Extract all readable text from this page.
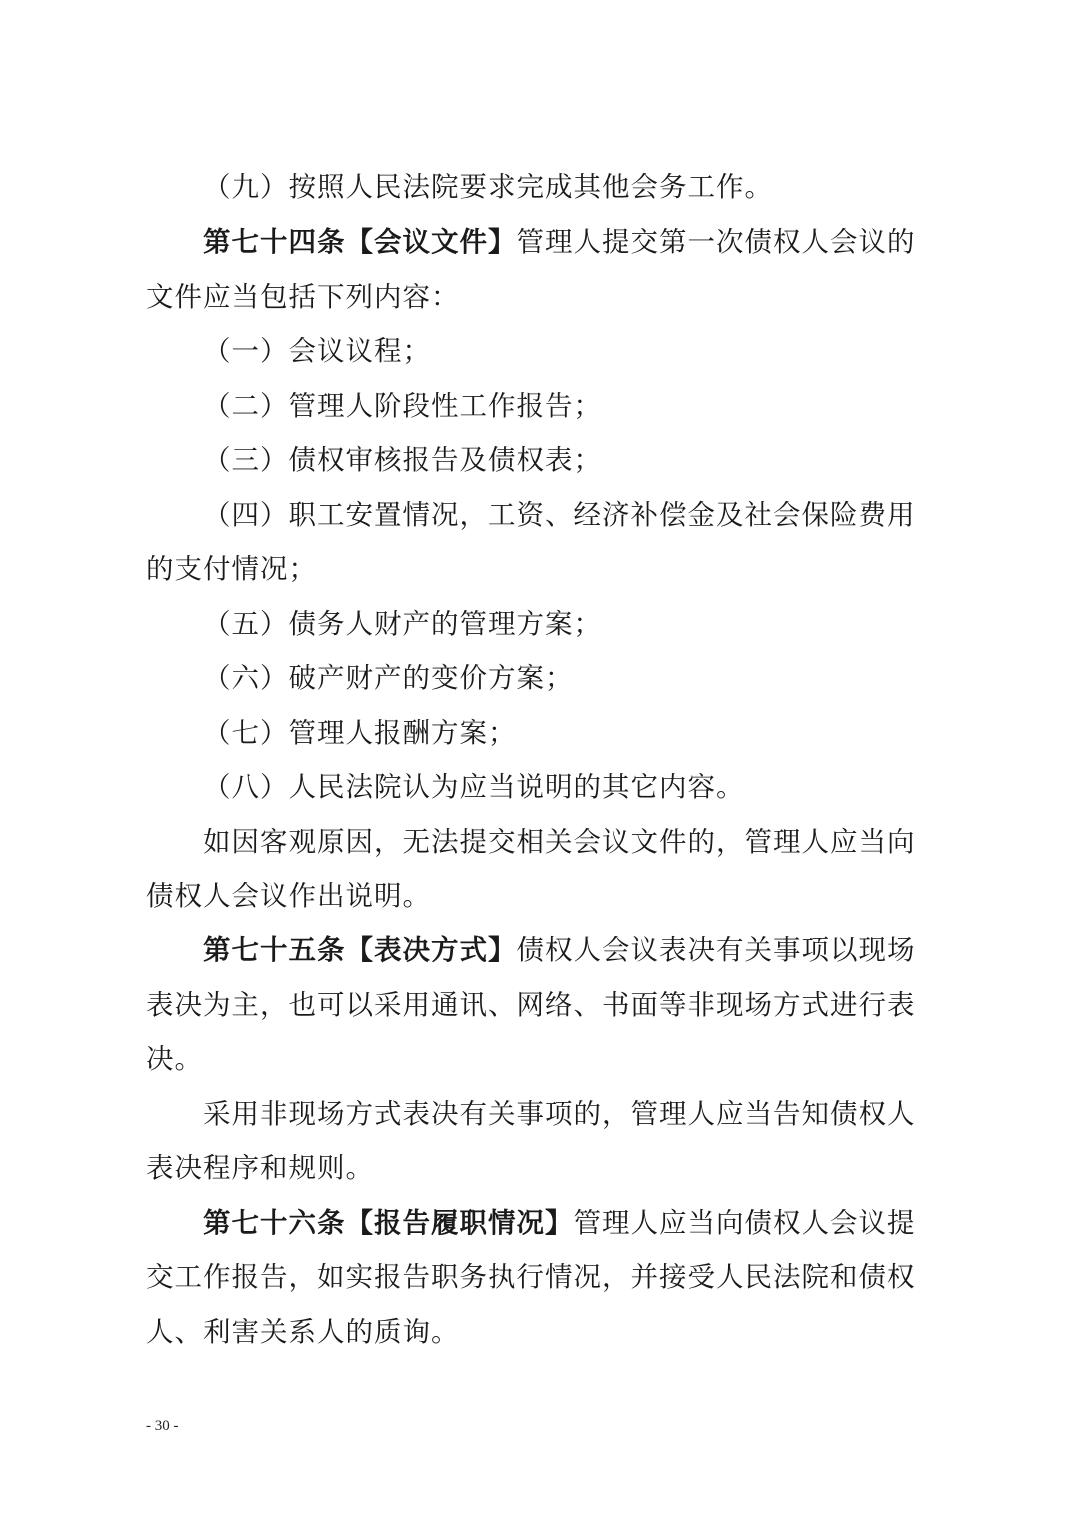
（九）按照人民法院要求完成其他会务工作。
第七十四条【会议文件】管理人提交第一次债权人会议的
文件应当包括下列内容：
（一）会议议程；
（二）管理人阶段性工作报告；
（三）债权审核报告及债权表；
（四）职工安置情况，工资、经济补偿金及社会保险费用
的支付情况；
（五）债务人财产的管理方案；
（六）破产财产的变价方案；
（七）管理人报酬方案；
（八）人民法院认为应当说明的其它内容。
如因客观原因，无法提交相关会议文件的，管理人应当向
债权人会议作出说明。
第七十五条【表决方式】债权人会议表决有关事项以现场
表决为主，也可以采用通讯、网络、书面等非现场方式进行表
决。
采用非现场方式表决有关事项的，管理人应当告知债权人
表决程序和规则。
第七十六条【报告履职情况】管理人应当向债权人会议提
交工作报告，如实报告职务执行情况，并接受人民法院和债权
人、利害关系人的质询。
- 30 -
